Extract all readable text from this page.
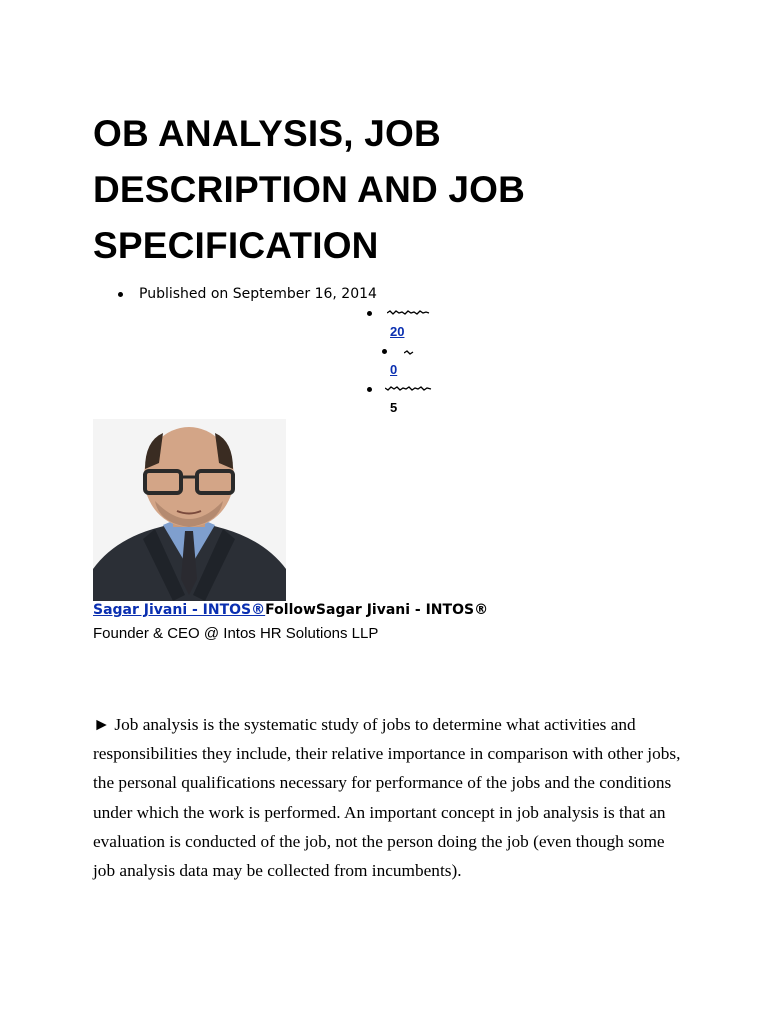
OB ANALYSIS, JOB DESCRIPTION AND JOB SPECIFICATION
Published on September 16, 2014
20
0
5
Sagar Jivani - INTOS®FollowSagar Jivani - INTOS®
Founder & CEO @ Intos HR Solutions LLP

► Job analysis is the systematic study of jobs to determine what activities and responsibilities they include, their relative importance in comparison with other jobs, the personal qualifications necessary for performance of the jobs and the conditions under which the work is performed. An important concept in job analysis is that an evaluation is conducted of the job, not the person doing the job (even though some job analysis data may be collected from incumbents).
